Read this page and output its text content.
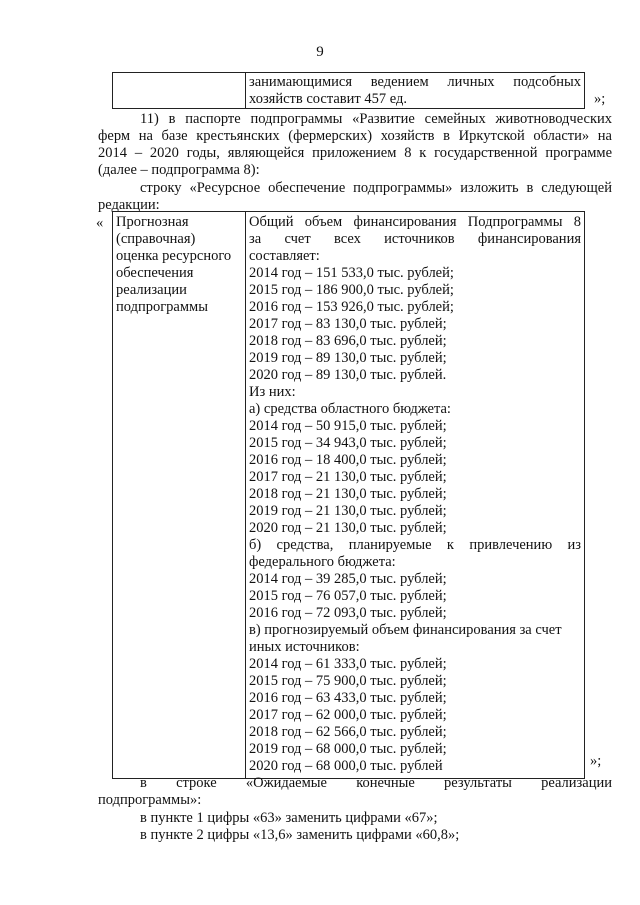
9

занимающимися ведением личных подсобных
хозяйств составит 457 ед.	»;
11) в паспорте подпрограммы «Развитие семейных животноводческих
ферм на базе крестьянских (фермерских) хозяйств в Иркутской области» на
2014 – 2020 годы, являющейся приложением 8 к государственной программе
(далее – подпрограмма 8):
строку «Ресурсное обеспечение подпрограммы» изложить в следующей
редакции:
« Прогнозная
(справочная)
оценка ресурсного
обеспечения
реализации
подпрограммы

Общий объем финансирования Подпрограммы 8
за счет всех источников финансирования
составляет:
2014 год – 151 533,0 тыс. рублей;
2015 год – 186 900,0 тыс. рублей;
2016 год – 153 926,0 тыс. рублей;
2017 год – 83 130,0 тыс. рублей;
2018 год – 83 696,0 тыс. рублей;
2019 год – 89 130,0 тыс. рублей;
2020 год – 89 130,0 тыс. рублей.
Из них:
а) средства областного бюджета:
2014 год – 50 915,0 тыс. рублей;
2015 год – 34 943,0 тыс. рублей;
2016 год – 18 400,0 тыс. рублей;
2017 год – 21 130,0 тыс. рублей;
2018 год – 21 130,0 тыс. рублей;
2019 год – 21 130,0 тыс. рублей;
2020 год – 21 130,0 тыс. рублей;
б) средства, планируемые к привлечению из
федерального бюджета:
2014 год – 39 285,0 тыс. рублей;
2015 год – 76 057,0 тыс. рублей;
2016 год – 72 093,0 тыс. рублей;
в) прогнозируемый объем финансирования за счет
иных источников:
2014 год – 61 333,0 тыс. рублей;
2015 год – 75 900,0 тыс. рублей;
2016 год – 63 433,0 тыс. рублей;
2017 год – 62 000,0 тыс. рублей;
2018 год – 62 566,0 тыс. рублей;
2019 год – 68 000,0 тыс. рублей;
2020 год – 68 000,0 тыс. рублей	»;
в строке «Ожидаемые конечные результаты реализации
подпрограммы»:
в пункте 1 цифры «63» заменить цифрами «67»;
в пункте 2 цифры «13,6» заменить цифрами «60,8»;
